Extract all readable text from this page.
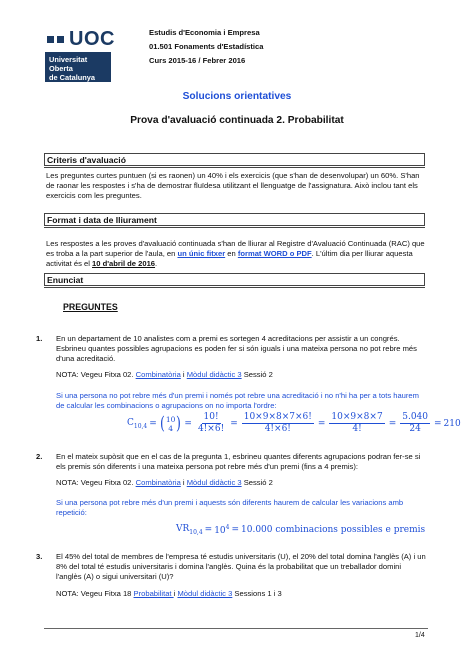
UOC
Universitat Oberta
de Catalunya
Estudis d'Economia i Empresa
01.501 Fonaments d'Estadística
Curs 2015-16 / Febrer 2016
Solucions orientatives
Prova d'avaluació continuada 2. Probabilitat
Criteris d'avaluació
Les preguntes curtes puntuen (si es raonen) un 40% i els exercicis (que s'han de desenvolupar) un 60%. S'han de raonar les respostes i s'ha de demostrar fluïdesa utilitzant el llenguatge de l'assignatura. Això inclou tant els exercicis com les preguntes.
Format i data de lliurament
Les respostes a les proves d'avaluació continuada s'han de lliurar al Registre d'Avaluació Continuada (RAC) que es troba a la part superior de l'aula, en un únic fitxer en format WORD o PDF. L'últim dia per lliurar aquesta activitat és el 10 d'abril de 2016.
Enunciat
PREGUNTES
1. En un departament de 10 analistes com a premi es sortegen 4 acreditacions per assistir a un congrés. Esbrineu quantes possibles agrupacions es poden fer si són iguals i una mateixa persona no pot rebre més d'una acreditació.
NOTA: Vegeu Fitxa 02. Combinatòria i Mòdul didàctic 3 Sessió 2
Si una persona no pot rebre més d'un premi i només pot rebre una acreditació i no n'hi ha per a tots haurem de calcular les combinacions o agrupacions on no importa l'ordre:
$C_{10,4}$ = ( 10
4 ) = $\frac{10!}{4!\times 6!} = \frac{10\times 9\times 8\times 7\times 6!}{4!\times 6!} = \frac{10\times 9\times 8\times 7}{4!} = \frac{5.040}{24} = 210$
2. En el mateix supòsit que en el cas de la pregunta 1, esbrineu quantes diferents agrupacions podran fer-se si els premis són diferents i una mateixa persona pot rebre més d'un premi (fins a 4 premis):
NOTA: Vegeu Fitxa 02. Combinatòria i Mòdul didàctic 3 Sessió 2
Si una persona pot rebre més d'un premi i aquests són diferents haurem de calcular les variacions amb repetició:
$VR_{10,4} = 10^4 = 10.000$ combinacions possibles e premis
3. El 45% del total de membres de l'empresa té estudis universitaris (U), el 20% del total domina l'anglès (A) i un 8% del total té estudis universitaris i domina l'anglès. Quina és la probabilitat que un treballador domini l'anglès (A) o sigui universitari (U)?
NOTA: Vegeu Fitxa 18 Probabilitat i Mòdul didàctic 3 Sessions 1 i 3
1/4
